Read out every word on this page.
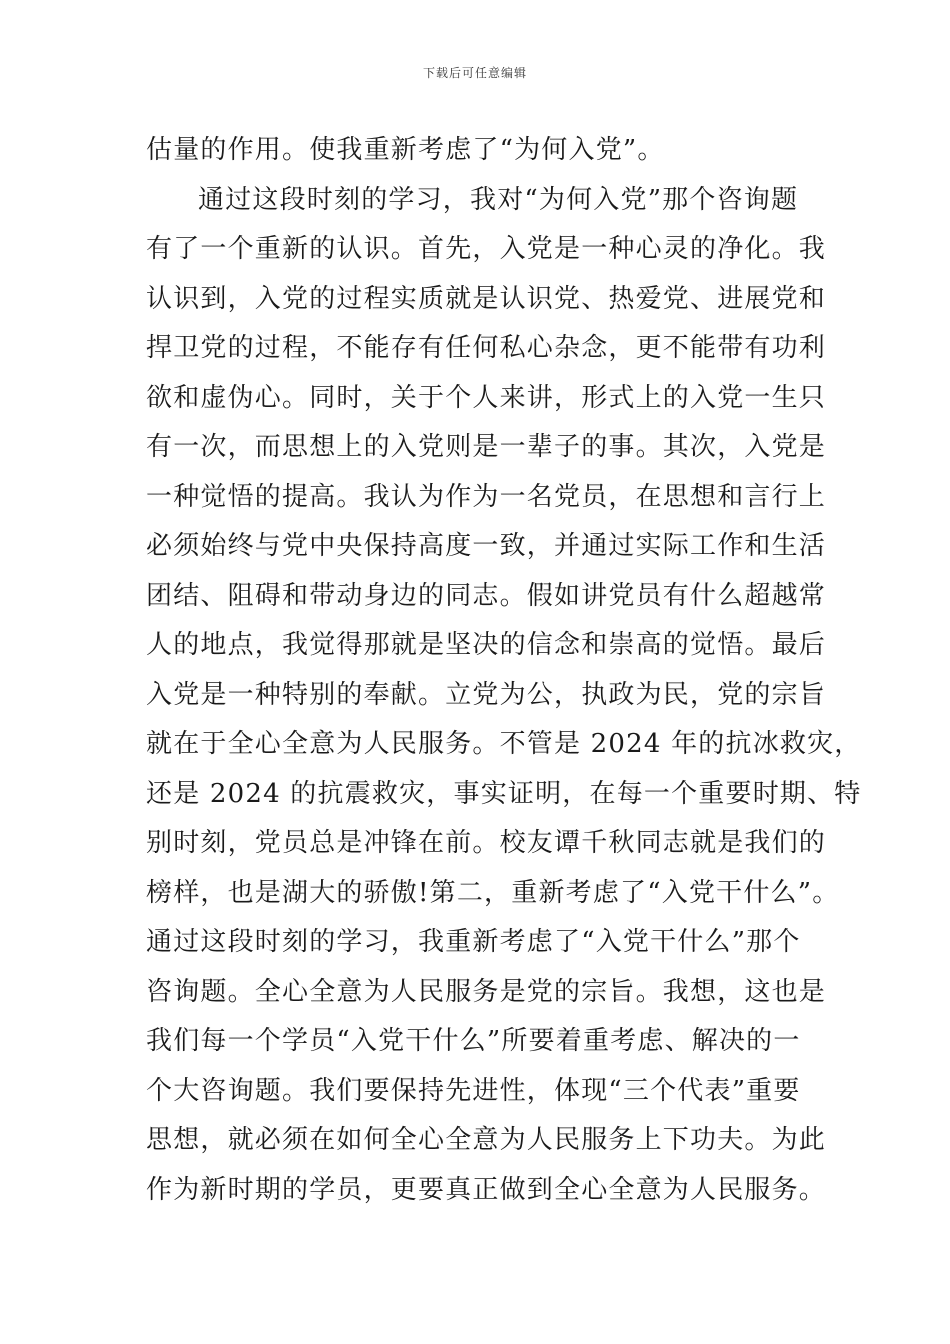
下载后可任意编辑
估量的作用。使我重新考虑了“为何入党”。
通过这段时刻的学习，我对“为何入党”那个咨询题
有了一个重新的认识。首先，入党是一种心灵的净化。我
认识到，入党的过程实质就是认识党、热爱党、进展党和
捍卫党的过程，不能存有任何私心杂念，更不能带有功利
欲和虚伪心。同时，关于个人来讲，形式上的入党一生只
有一次，而思想上的入党则是一辈子的事。其次，入党是
一种觉悟的提高。我认为作为一名党员，在思想和言行上
必须始终与党中央保持高度一致，并通过实际工作和生活
团结、阻碍和带动身边的同志。假如讲党员有什么超越常
人的地点，我觉得那就是坚决的信念和崇高的觉悟。最后
入党是一种特别的奉献。立党为公，执政为民，党的宗旨
就在于全心全意为人民服务。不管是 2024 年的抗冰救灾，
还是 2024 的抗震救灾，事实证明，在每一个重要时期、特
别时刻，党员总是冲锋在前。校友谭千秋同志就是我们的
榜样，也是湖大的骄傲!第二，重新考虑了“入党干什么”。
通过这段时刻的学习，我重新考虑了“入党干什么”那个
咨询题。全心全意为人民服务是党的宗旨。我想，这也是
我们每一个学员“入党干什么”所要着重考虑、解决的一
个大咨询题。我们要保持先进性，体现“三个代表”重要
思想，就必须在如何全心全意为人民服务上下功夫。为此
作为新时期的学员，更要真正做到全心全意为人民服务。
